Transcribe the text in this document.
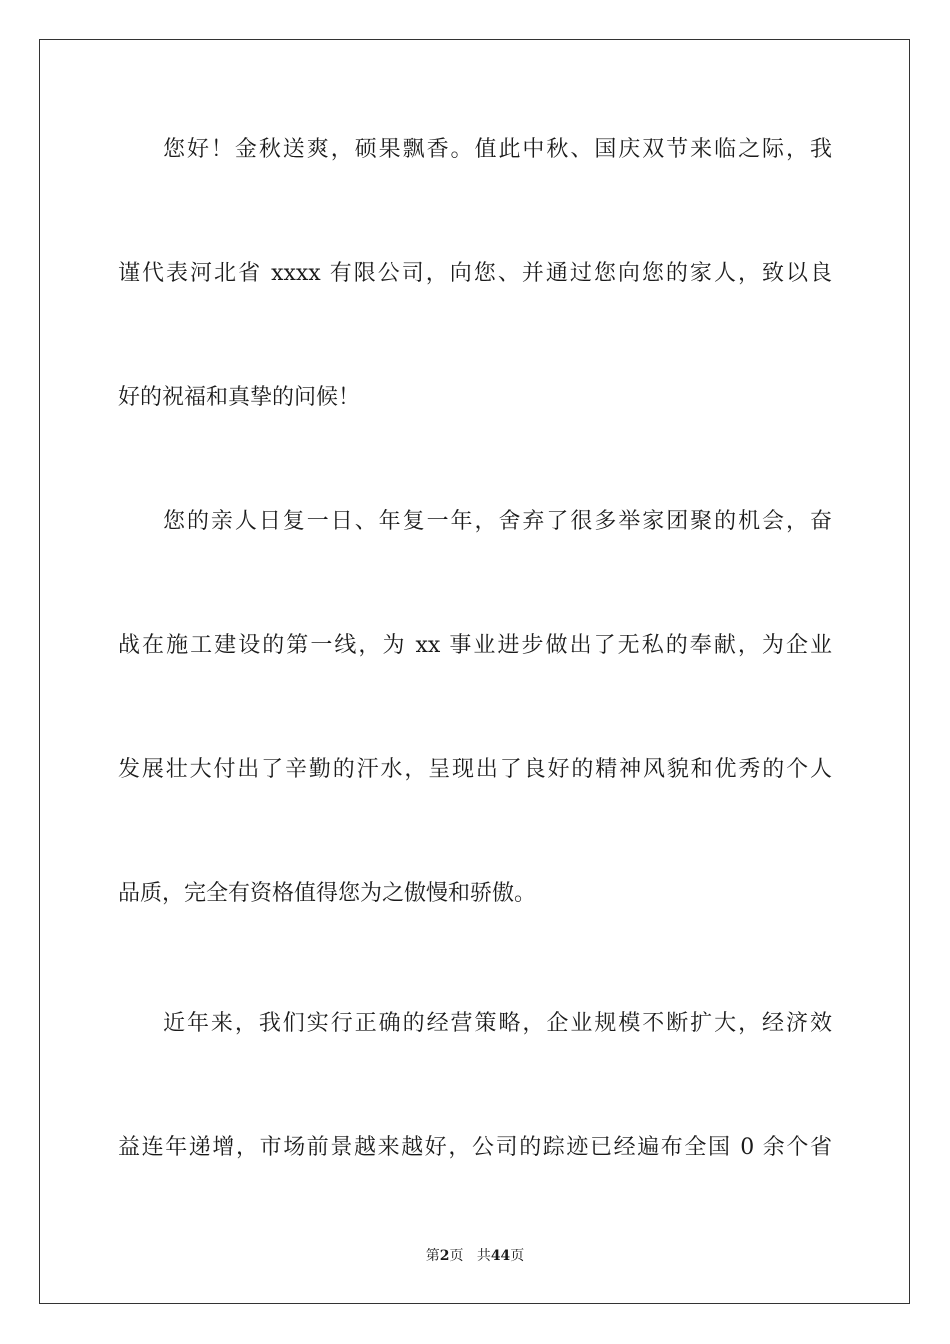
您好！金秋送爽，硕果飘香。值此中秋、国庆双节来临之际，我
谨代表河北省 xxxx 有限公司，向您、并通过您向您的家人，致以良
好的祝福和真挚的问候！
您的亲人日复一日、年复一年，舍弃了很多举家团聚的机会，奋
战在施工建设的第一线，为 xx 事业进步做出了无私的奉献，为企业
发展壮大付出了辛勤的汗水，呈现出了良好的精神风貌和优秀的个人
品质，完全有资格值得您为之傲慢和骄傲。
近年来，我们实行正确的经营策略，企业规模不断扩大，经济效
益连年递增，市场前景越来越好，公司的踪迹已经遍布全国 0 余个省
第2页 共44页
